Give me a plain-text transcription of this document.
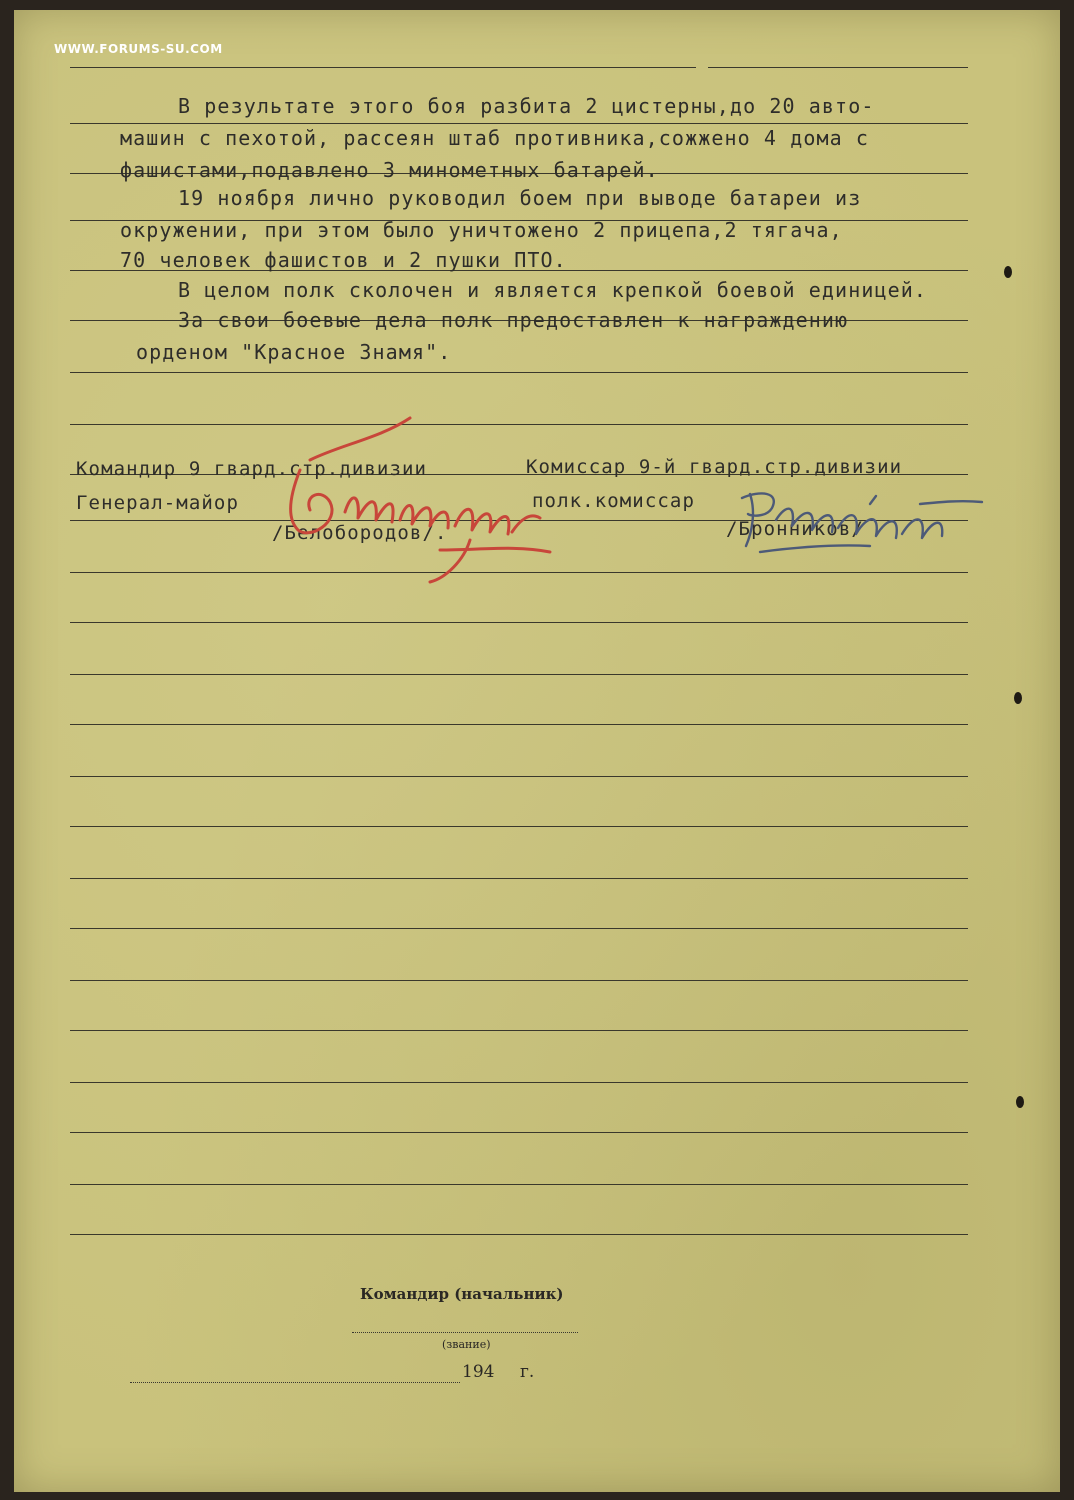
WWW.FORUMS-SU.COM
В результате этого боя разбита 2 цистерны,до 20 авто-
машин с пехотой, рассеян штаб противника,сожжено 4 дома с
фашистами,подавлено 3 минометных батарей.
19 ноября лично руководил боем при выводе батареи из
окружении, при этом было уничтожено 2 прицепа,2 тягача,
70 человек фашистов и 2 пушки ПТО.
В целом полк сколочен и является крепкой боевой единицей.
За свои боевые дела полк предоставлен к награждению
орденом "Красное Знамя".
Командир 9 гвард.стр.дивизии	Комиссар 9-й гвард.стр.дивизии
Генерал-майор	полк.комиссар
/Белобородов/.	/Бронников/
Командир (начальник)
(звание)
194 г.
